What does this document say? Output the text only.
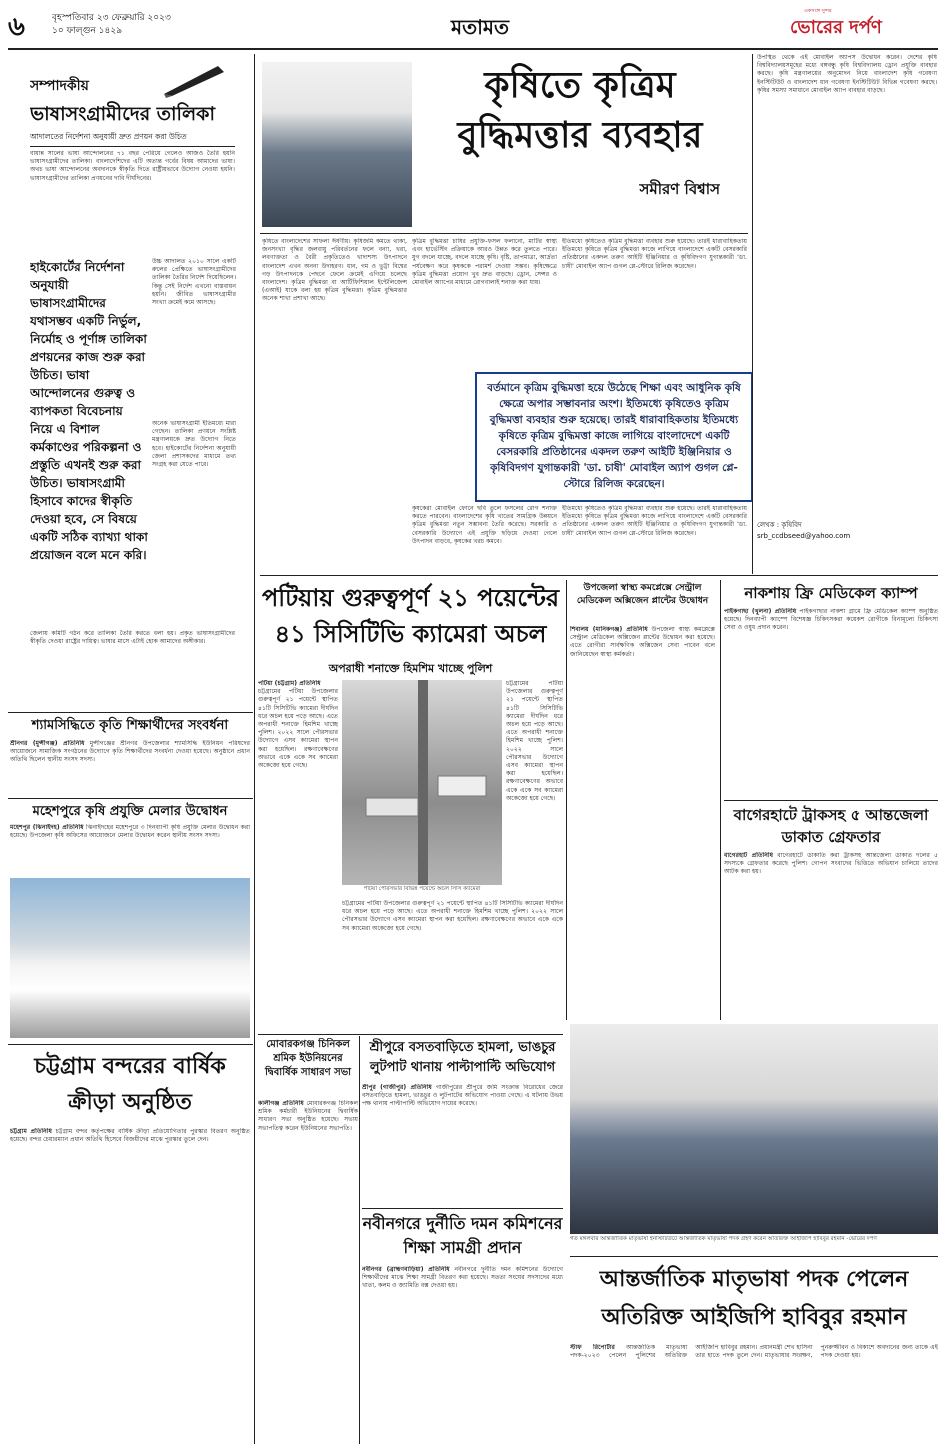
৬	বৃহস্পতিবার ২৩ ফেব্রুয়ারি ২০২৩
১০ ফাল্গুন ১৪২৯	মতামত
একসঙ্গে সুন্দর
ভোরের দর্পণ
সম্পাদকীয়
ভাষাসংগ্রামীদের তালিকা
আদালতের নির্দেশনা অনুযায়ী দ্রুত প্রণয়ন করা উচিত
বায়ান্ন সালের ভাষা আন্দোলনের ৭১ বছর পেরিয়ে গেলেও আজও তৈরি হয়নি ভাষাসংগ্রামীদের তালিকা। বাংলাদেশিদের এটি অত্যন্ত গর্বের বিষয় আমাদের ভাষা। অথচ ভাষা আন্দোলনের অবদানকে স্বীকৃতি দিতে রাষ্ট্রীয়ভাবে উদ্যোগ নেওয়া হয়নি। ভাষাসংগ্রামীদের তালিকা প্রণয়নের দাবি দীর্ঘদিনের।
হাইকোর্টের নির্দেশনা অনুযায়ী ভাষাসংগ্রামীদের যথাসম্ভব একটি নির্ভুল, নির্মোহ ও পূর্ণাঙ্গ তালিকা প্রণয়নের কাজ শুরু করা উচিত। ভাষা আন্দোলনের গুরুত্ব ও ব্যাপকতা বিবেচনায় নিয়ে এ বিশাল কর্মকাণ্ডের পরিকল্পনা ও প্রস্তুতি এখনই শুরু করা উচিত। ভাষাসংগ্রামী হিসাবে কাদের স্বীকৃতি দেওয়া হবে, সে বিষয়ে একটি সঠিক ব্যাখ্যা থাকা প্রয়োজন বলে মনে করি।
উচ্চ আদালত ২০১০ সালে একটি রুলের প্রেক্ষিতে ভাষাসংগ্রামীদের তালিকা তৈরির নির্দেশ দিয়েছিলেন। কিন্তু সেই নির্দেশ এখনো বাস্তবায়ন হয়নি। জীবিত ভাষাসংগ্রামীর সংখ্যা ক্রমেই কমে আসছে।
অনেক ভাষাসংগ্রামী ইতিমধ্যে মারা গেছেন। তালিকা প্রণয়নে সংশ্লিষ্ট মন্ত্রণালয়কে দ্রুত উদ্যোগ নিতে হবে। হাইকোর্টের নির্দেশনা অনুযায়ী জেলা প্রশাসকদের মাধ্যমে তথ্য সংগ্রহ করা যেতে পারে।
জেলায় কমিটি গঠন করে তালিকা তৈরি করতে বলা হয়। প্রকৃত ভাষাসংগ্রামীদের স্বীকৃতি দেওয়া রাষ্ট্রের দায়িত্ব। ভাষার মাসে এটাই হোক আমাদের অঙ্গীকার।
কৃষিতে কৃত্রিম বুদ্ধিমত্তার ব্যবহার
সমীরণ বিশ্বাস
কৃষিতে বাংলাদেশের সাফল্য ঈর্ষণীয়। কৃষিজমি কমতে থাকা, জনসংখ্যা বৃদ্ধির জলবায়ু পরিবর্তনের ফলে বন্যা, খরা, লবণাক্ততা ও বৈরী প্রকৃতিতেও খাদ্যশস্য উৎপাদনে বাংলাদেশ এখন অনন্য উদাহরণ। ধান, গম ও ভুট্টা বিশ্বের গড় উৎপাদনকে পেছনে ফেলে ক্রমেই এগিয়ে চলেছে বাংলাদেশ। কৃত্রিম বুদ্ধিমত্তা বা আর্টিফিশিয়াল ইন্টেলিজেন্স (এআই) যাকে বলা হয় কৃত্রিম বুদ্ধিমত্তা। কৃত্রিম বুদ্ধিমত্তার অনেক শাখা প্রশাখা আছে।
কৃত্রিম বুদ্ধিমত্তা চাষির প্রযুক্তি-ফসল ফলানো, মাটির স্বাস্থ্য এবং হার্ভেস্টিং প্রক্রিয়াকে আরও উন্নত করে তুলতে পারে। যুগ বদলে যাচ্ছে, বদলে যাচ্ছে কৃষি। বৃষ্টি, তাপমাত্রা, আর্দ্রতা পর্যবেক্ষণ করে কৃষককে পরামর্শ দেওয়া সম্ভব। কৃষিক্ষেত্রে কৃত্রিম বুদ্ধিমত্তা প্রয়োগ খুব দ্রুত বাড়ছে। ড্রোন, সেন্সর ও মোবাইল অ্যাপের মাধ্যমে রোগবালাই শনাক্ত করা যায়।
ইতিমধ্যে কৃষিতেও কৃত্রিম বুদ্ধিমত্তা ব্যবহার শুরু হয়েছে। তারই ধারাবাহিকতায় ইতিমধ্যে কৃষিতে কৃত্রিম বুদ্ধিমত্তা কাজে লাগিয়ে বাংলাদেশে একটি বেসরকারি প্রতিষ্ঠানের একদল তরুণ আইটি ইঞ্জিনিয়ার ও কৃষিবিদগণ যুগান্তকারী 'ডা. চাষী' মোবাইল অ্যাপ গুগল প্লে-স্টোরে রিলিজ করেছেন।
বর্তমানে কৃত্রিম বুদ্ধিমত্তা হয়ে উঠেছে শিক্ষা এবং আধুনিক কৃষি ক্ষেত্রে অপার সম্ভাবনার অংশ। ইতিমধ্যে কৃষিতেও কৃত্রিম বুদ্ধিমত্তা ব্যবহার শুরু হয়েছে। তারই ধারাবাহিকতায় ইতিমধ্যে কৃষিতে কৃত্রিম বুদ্ধিমত্তা কাজে লাগিয়ে বাংলাদেশে একটি বেসরকারি প্রতিষ্ঠানের একদল তরুণ আইটি ইঞ্জিনিয়ার ও কৃষিবিদগণ যুগান্তকারী 'ডা. চাষী' মোবাইল অ্যাপ গুগল প্লে-স্টোরে রিলিজ করেছেন।
কৃষকেরা মোবাইল ফোনে ছবি তুলে ফসলের রোগ শনাক্ত করতে পারবেন। বাংলাদেশের কৃষি খাতের সামগ্রিক উন্নয়নে কৃত্রিম বুদ্ধিমত্তা নতুন সম্ভাবনা তৈরি করেছে। সরকারি ও বেসরকারি উদ্যোগে এই প্রযুক্তি ছড়িয়ে দেওয়া গেলে উৎপাদন বাড়বে, কৃষকের খরচ কমবে।
ইতিমধ্যে কৃষিতেও কৃত্রিম বুদ্ধিমত্তা ব্যবহার শুরু হয়েছে। তারই ধারাবাহিকতায় ইতিমধ্যে কৃষিতে কৃত্রিম বুদ্ধিমত্তা কাজে লাগিয়ে বাংলাদেশে একটি বেসরকারি প্রতিষ্ঠানের একদল তরুণ আইটি ইঞ্জিনিয়ার ও কৃষিবিদগণ যুগান্তকারী 'ডা. চাষী' মোবাইল অ্যাপ গুগল প্লে-স্টোরে রিলিজ করেছেন।
উপস্থিত থেকে এই মোবাইল অ্যাপস উদ্বোধন করেন। দেশের কৃষি বিশ্ববিদ্যালয়সমূহের মধ্যে বঙ্গবন্ধু কৃষি বিশ্ববিদ্যালয় ড্রোন প্রযুক্তি ব্যবহার করছে। কৃষি মন্ত্রণালয়ের অনুমোদন নিয়ে বাংলাদেশ কৃষি গবেষণা ইনস্টিটিউট ও বাংলাদেশ ধান গবেষণা ইনস্টিটিউট বিভিন্ন গবেষণা করছে। কৃষির সমস্যা সমাধানে মোবাইল অ্যাপ ব্যবহার বাড়ছে।
লেখক : কৃষিবিদ
srb_ccdbseed@yahoo.com
পটিয়ায় গুরুত্বপূর্ণ ২১ পয়েন্টের ৪১ সিসিটিভি ক্যামেরা অচল
অপরাধী শনাক্তে হিমশিম খাচ্ছে পুলিশ
পটিয়া (চট্টগ্রাম) প্রতিনিধি
চট্টগ্রামের পটিয়া উপজেলার গুরুত্বপূর্ণ ২১ পয়েন্টে স্থাপিত ৪১টি সিসিটিভি ক্যামেরা দীর্ঘদিন ধরে অচল হয়ে পড়ে আছে। এতে অপরাধী শনাক্তে হিমশিম খাচ্ছে পুলিশ। ২০২২ সালে পৌরসভার উদ্যোগে এসব ক্যামেরা স্থাপন করা হয়েছিল। রক্ষণাবেক্ষণের অভাবে একে একে সব ক্যামেরা অকেজো হয়ে গেছে।
পটিয়া পৌরসভার বিভিন্ন পয়েন্টে অচল সিসি ক্যামেরা
চট্টগ্রামের পটিয়া উপজেলার গুরুত্বপূর্ণ ২১ পয়েন্টে স্থাপিত ৪১টি সিসিটিভি ক্যামেরা দীর্ঘদিন ধরে অচল হয়ে পড়ে আছে। এতে অপরাধী শনাক্তে হিমশিম খাচ্ছে পুলিশ। ২০২২ সালে পৌরসভার উদ্যোগে এসব ক্যামেরা স্থাপন করা হয়েছিল। রক্ষণাবেক্ষণের অভাবে একে একে সব ক্যামেরা অকেজো হয়ে গেছে।
চট্টগ্রামের পটিয়া উপজেলার গুরুত্বপূর্ণ ২১ পয়েন্টে স্থাপিত ৪১টি সিসিটিভি ক্যামেরা দীর্ঘদিন ধরে অচল হয়ে পড়ে আছে। এতে অপরাধী শনাক্তে হিমশিম খাচ্ছে পুলিশ। ২০২২ সালে পৌরসভার উদ্যোগে এসব ক্যামেরা স্থাপন করা হয়েছিল। রক্ষণাবেক্ষণের অভাবে একে একে সব ক্যামেরা অকেজো হয়ে গেছে।
শ্যামসিদ্ধিতে কৃতি শিক্ষার্থীদের সংবর্ধনা
শ্রীনগর (মুন্সীগঞ্জ) প্রতিনিধি মুন্সীগঞ্জের শ্রীনগর উপজেলার শ্যামসিদ্ধি ইউনিয়ন পরিষদের আয়োজনে সামাজিক সংগঠনের উদ্যোগে কৃতি শিক্ষার্থীদের সংবর্ধনা দেওয়া হয়েছে। অনুষ্ঠানে প্রধান অতিথি ছিলেন স্থানীয় সংসদ সদস্য।
মহেশপুরে কৃষি প্রযুক্তি মেলার উদ্বোধন
মহেশপুর (ঝিনাইদহ) প্রতিনিধি ঝিনাইদহের মহেশপুরে ৩ দিনব্যাপী কৃষি প্রযুক্তি মেলার উদ্বোধন করা হয়েছে। উপজেলা কৃষি অফিসের আয়োজনে মেলার উদ্বোধন করেন স্থানীয় সংসদ সদস্য।
চট্টগ্রাম বন্দরের বার্ষিক ক্রীড়া অনুষ্ঠিত
চট্টগ্রাম প্রতিনিধি চট্টগ্রাম বন্দর কর্তৃপক্ষের বার্ষিক ক্রীড়া প্রতিযোগিতার পুরস্কার বিতরণ অনুষ্ঠিত হয়েছে। বন্দর চেয়ারম্যান প্রধান অতিথি হিসেবে বিজয়ীদের মাঝে পুরস্কার তুলে দেন।
মোবারকগঞ্জ চিনিকল শ্রমিক ইউনিয়নের দ্বিবার্ষিক সাধারণ সভা
কালীগঞ্জ প্রতিনিধি মোবারকগঞ্জ চিনিকল শ্রমিক কর্মচারী ইউনিয়নের দ্বিবার্ষিক সাধারণ সভা অনুষ্ঠিত হয়েছে। সভায় সভাপতিত্ব করেন ইউনিয়নের সভাপতি।
শ্রীপুরে বসতবাড়িতে হামলা, ভাঙচুর লুটপাট থানায় পাল্টাপাল্টি অভিযোগ
শ্রীপুর (গাজীপুর) প্রতিনিধি গাজীপুরের শ্রীপুরে জমি সংক্রান্ত বিরোধের জেরে বসতবাড়িতে হামলা, ভাঙচুর ও লুটপাটের অভিযোগ পাওয়া গেছে। এ ঘটনায় উভয় পক্ষ থানায় পাল্টাপাল্টি অভিযোগ দায়ের করেছে।
নবীনগরে দুর্নীতি দমন কমিশনের শিক্ষা সামগ্রী প্রদান
নবীনগর (ব্রাহ্মণবাড়িয়া) প্রতিনিধি নবীনগরে দুর্নীতি দমন কমিশনের উদ্যোগে শিক্ষার্থীদের মাঝে শিক্ষা সামগ্রী বিতরণ করা হয়েছে। সততা সংঘের সদস্যদের মধ্যে খাতা, কলম ও জ্যামিতি বক্স দেওয়া হয়।
উপজেলা স্বাস্থ্য কমপ্লেক্সে সেন্ট্রাল মেডিকেল অক্সিজেন প্লান্টের উদ্বোধন
শিবালয় (মানিকগঞ্জ) প্রতিনিধি উপজেলা স্বাস্থ্য কমপ্লেক্সে সেন্ট্রাল মেডিকেল অক্সিজেন প্লান্টের উদ্বোধন করা হয়েছে। এতে রোগীরা সার্বক্ষণিক অক্সিজেন সেবা পাবেন বলে জানিয়েছেন স্বাস্থ্য কর্মকর্তা।
নাকশায় ফ্রি মেডিকেল ক্যাম্প
পাইকগাছা (খুলনা) প্রতিনিধি পাইকগাছার নাকশা গ্রামে ফ্রি মেডিকেল ক্যাম্প অনুষ্ঠিত হয়েছে। দিনব্যাপী ক্যাম্পে বিশেষজ্ঞ চিকিৎসকরা কয়েকশ রোগীকে বিনামূল্যে চিকিৎসা সেবা ও ওষুধ প্রদান করেন।
বাগেরহাটে ট্রাকসহ ৫ আন্তজেলা ডাকাত গ্রেফতার
বাগেরহাট প্রতিনিধি বাগেরহাটে ডাকাতি করা ট্রাকসহ আন্তজেলা ডাকাত দলের ৫ সদস্যকে গ্রেফতার করেছে পুলিশ। গোপন সংবাদের ভিত্তিতে অভিযান চালিয়ে তাদের আটক করা হয়।
গত মঙ্গলবার আন্তর্জাতিক মাতৃভাষা ইনস্টিটিউটে আন্তর্জাতিক মাতৃভাষা পদক গ্রহণ করেন অতিরিক্ত আইজিপি হাবিবুর রহমান -ভোরের দর্পণ
আন্তর্জাতিক মাতৃভাষা পদক পেলেন অতিরিক্ত আইজিপি হাবিবুর রহমান
স্টাফ রিপোর্টার আন্তর্জাতিক মাতৃভাষা পদক-২০২৩ পেলেন পুলিশের অতিরিক্ত আইজিপি হাবিবুর রহমান। প্রধানমন্ত্রী শেখ হাসিনা তার হাতে পদক তুলে দেন। মাতৃভাষার সংরক্ষণ, পুনরুজ্জীবন ও বিকাশে অবদানের জন্য তাকে এই পদক দেওয়া হয়।
